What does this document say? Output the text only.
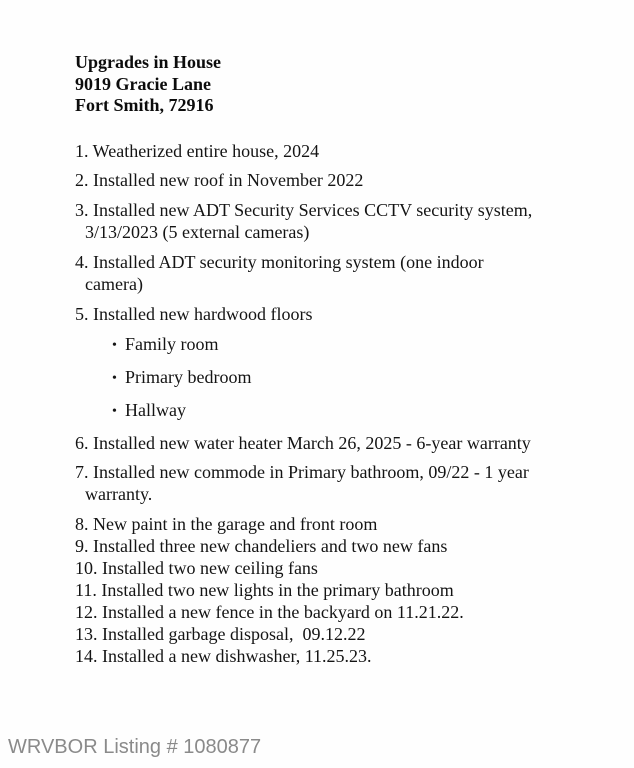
Upgrades in House
9019 Gracie Lane
Fort Smith, 72916
1. Weatherized entire house, 2024
2. Installed new roof in November 2022
3. Installed new ADT Security Services CCTV security system,
3/13/2023 (5 external cameras)
4. Installed ADT security monitoring system (one indoor
camera)
5. Installed new hardwood floors
• Family room
• Primary bedroom
• Hallway
6. Installed new water heater March 26, 2025 - 6-year warranty
7. Installed new commode in Primary bathroom, 09/22 - 1 year
warranty.
8. New paint in the garage and front room
9. Installed three new chandeliers and two new fans
10. Installed two new ceiling fans
11. Installed two new lights in the primary bathroom
12. Installed a new fence in the backyard on 11.21.22.
13. Installed garbage disposal,  09.12.22
14. Installed a new dishwasher, 11.25.23.
WRVBOR Listing # 1080877
